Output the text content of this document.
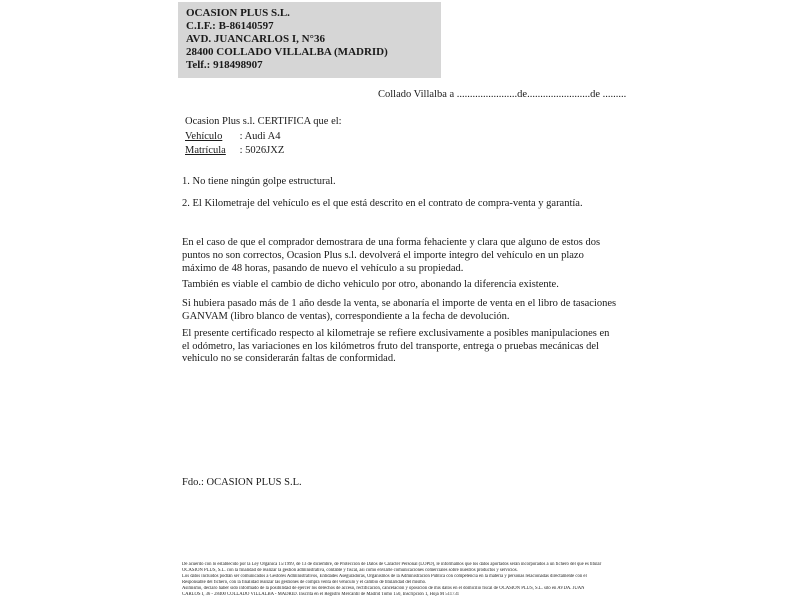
OCASION PLUS S.L.
C.I.F.: B-86140597
AVD. JUANCARLOS I, N°36
28400 COLLADO VILLALBA (MADRID)
Telf.: 918498907
Collado Villalba a .......................de........................de .........
Ocasion Plus s.l. CERTIFICA que el:
Vehículo : Audi A4
Matrícula : 5026JXZ
1. No tiene ningún golpe estructural.
2. El Kilometraje del vehículo es el que está descrito en el contrato de compra-venta y garantía.
En el caso de que el comprador demostrara de una forma fehaciente y clara que alguno de estos dos puntos no son correctos, Ocasion Plus s.l. devolverá el importe integro del vehículo en un plazo máximo de 48 horas, pasando de nuevo el vehículo a su propiedad.
También es viable el cambio de dicho vehiculo por otro, abonando la diferencia existente.
Si hubiera pasado más de 1 año desde la venta, se abonaría el importe de venta en el libro de tasaciones GANVAM (libro blanco de ventas), correspondiente a la fecha de devolución.
El presente certificado respecto al kilometraje se refiere exclusivamente a posibles manipulaciones en el odómetro, las variaciones en los kilómetros fruto del transporte, entrega o pruebas mecánicas del vehiculo no se considerarán faltas de conformidad.
Fdo.: OCASION PLUS S.L.
De acuerdo con lo establecido por la Ley Orgánica 15/1999, de 13 de diciembre, de Protección de Datos de Carácter Personal (LOPD), le informamos que los datos aportados serán incorporados a un fichero del que es titular
OCASIÓN PLUS, S.L. con la finalidad de realizar la gestión administrativa, contable y fiscal, así como enviarle comunicaciones comerciales sobre nuestros productos y servicios.
Los datos incluidos podrán ser comunicados a Gestores Administrativos, Entidades Aseguradoras, Organismos de la Administración Pública con competencia en la materia y personas relacionadas directamente con el
Responsable del fichero, con la finalidad realizar las gestiones de compra venta del vehículo y el cambio de titularidad del mismo.
Asimismo, declaro haber sido informado de la posibilidad de ejercer los derechos de acceso, rectificación, cancelación y oposición de mis datos en el domicilio fiscal de OCASIÓN PLUS, S.L. sito en AVDA. JUAN
CARLOS I, 36 - 28400 COLLADO VILLALBA - MADRID. Inscrita en el Registro Mercantil de Madrid Tomo 150, Inscripción 1, Hoja M 511731
